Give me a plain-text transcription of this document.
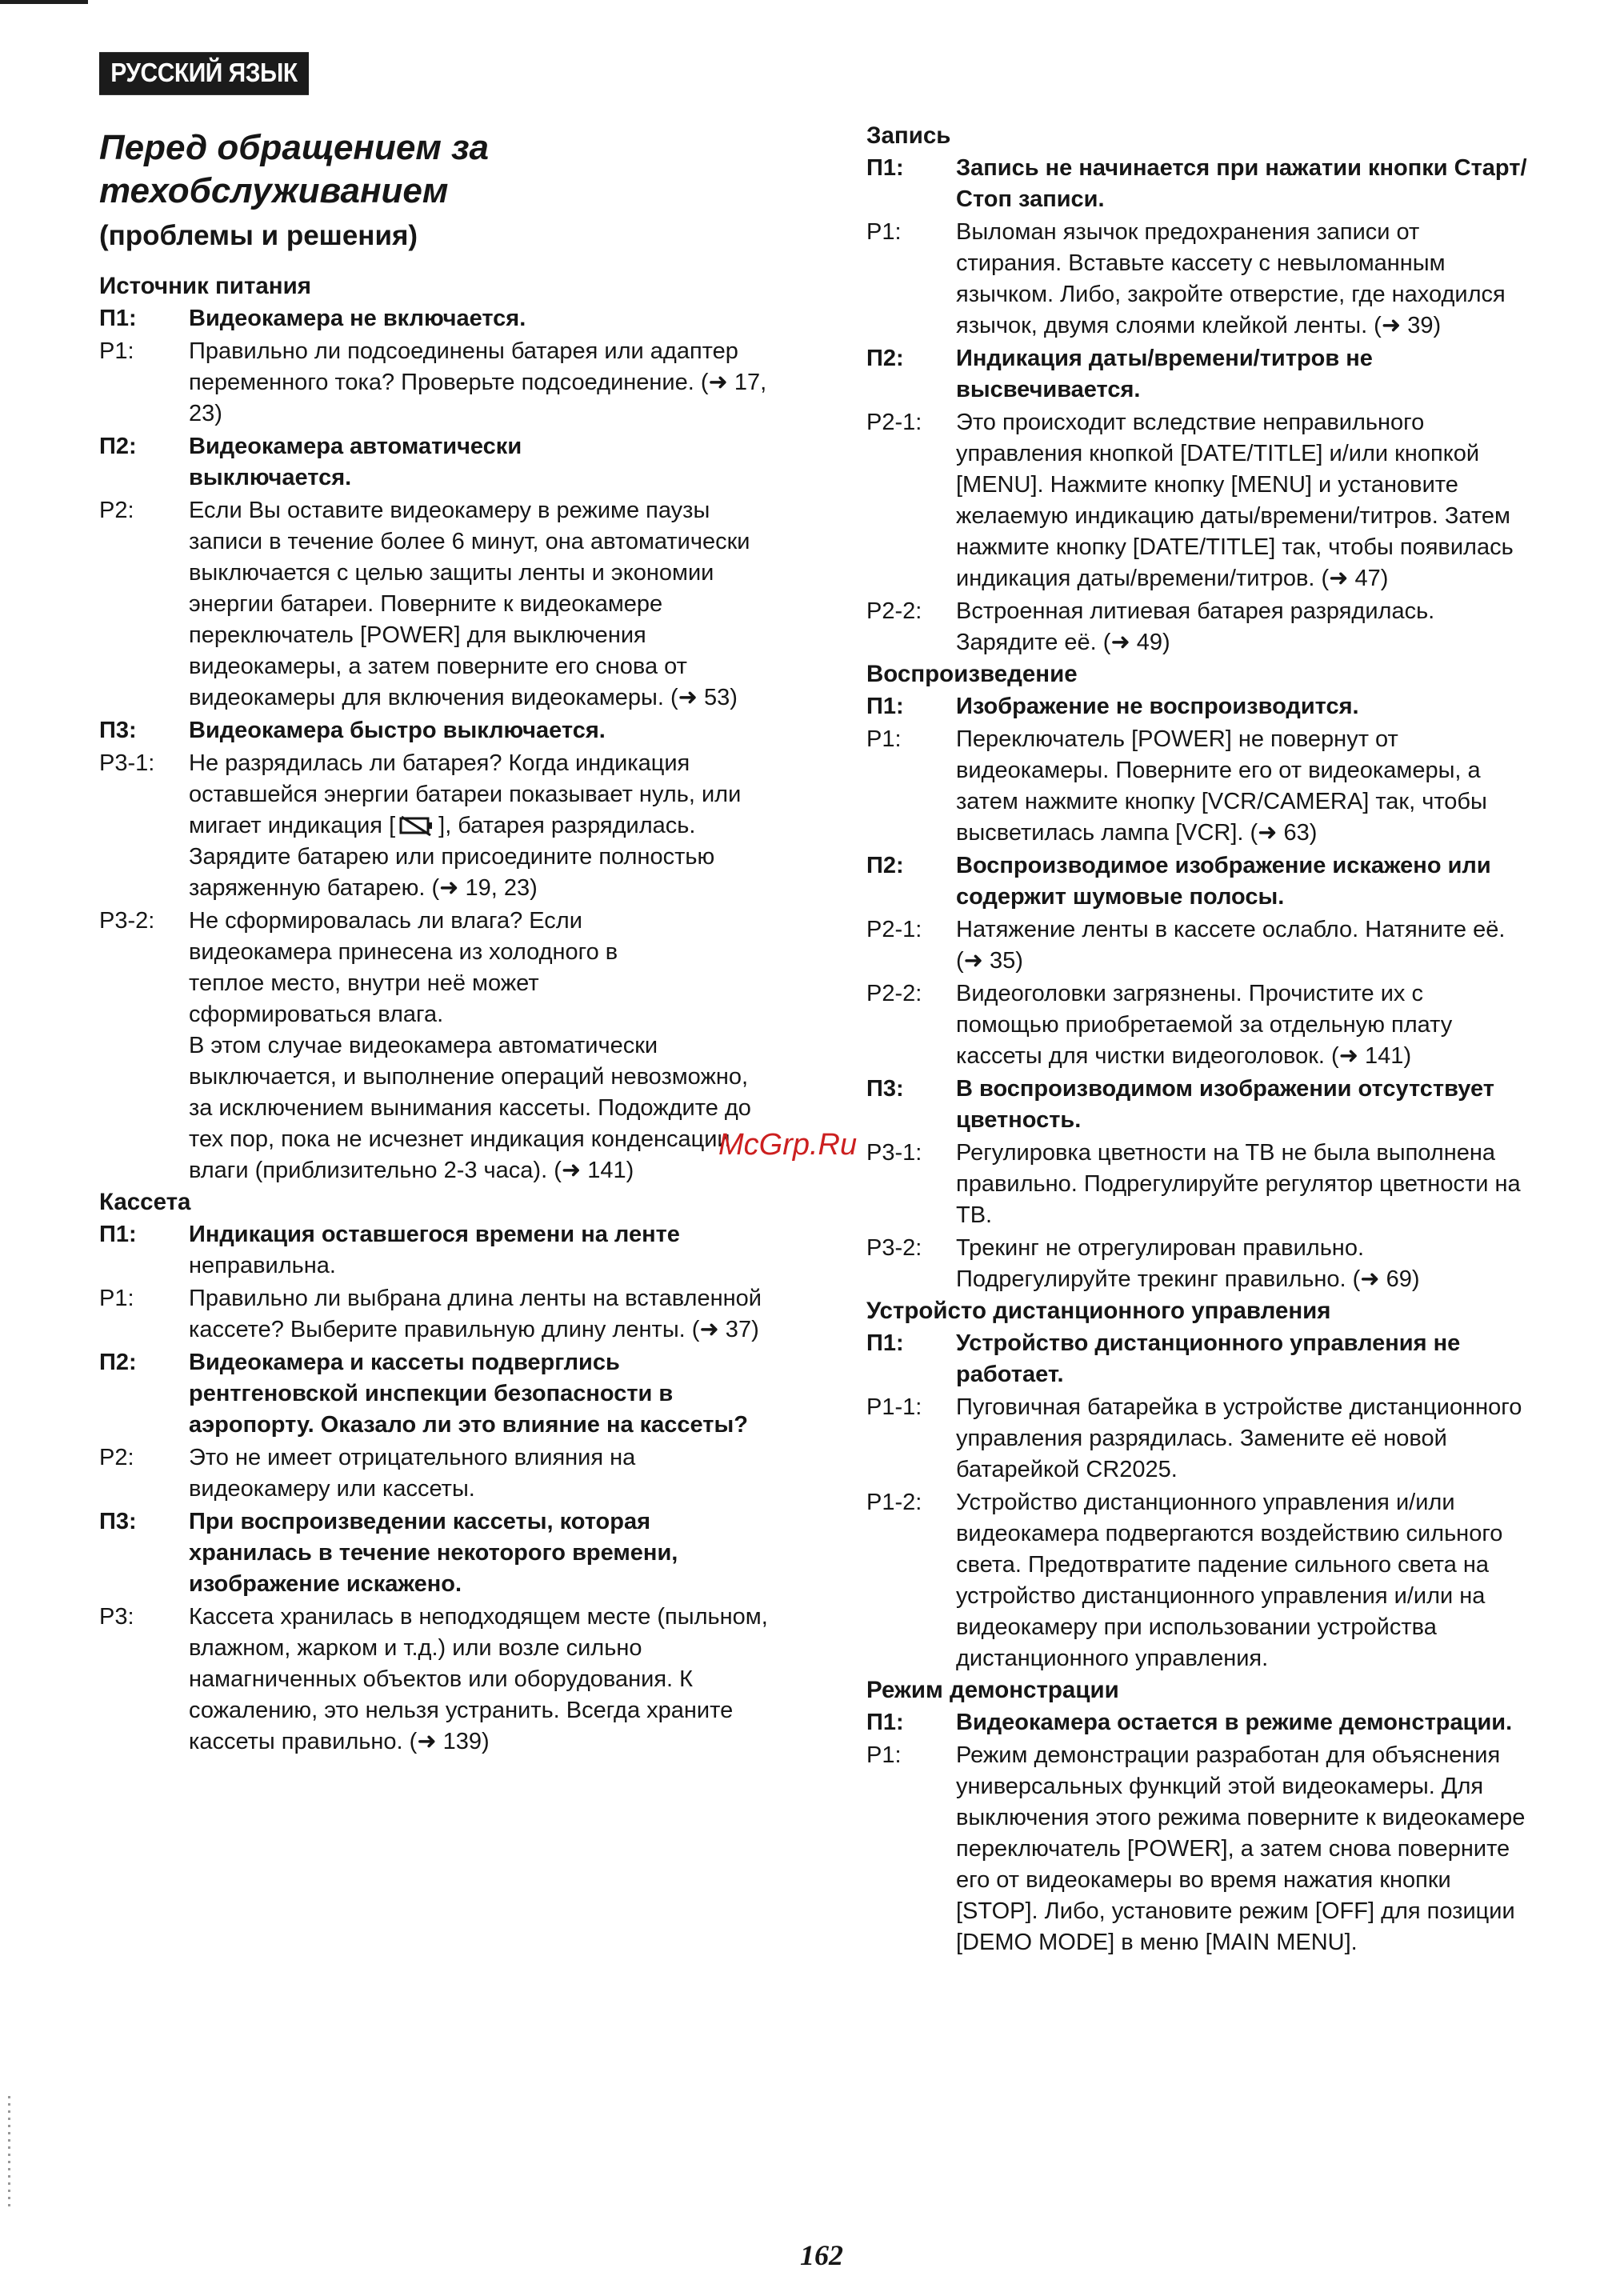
РУССКИЙ ЯЗЫК
Перед обращением за
техобслуживанием
(проблемы и решения)
Источник питания
П1:	Видеокамера не включается.
Р1:	Правильно ли подсоединены батарея или адаптер переменного тока? Проверьте подсоединение. (➜ 17, 23)
П2:	Видеокамера автоматически выключается.
Р2:	Если Вы оставите видеокамеру в режиме паузы записи в течение более 6 минут, она автоматически выключается с целью защиты ленты и экономии энергии батареи. Поверните к видеокамере переключатель [POWER] для выключения видеокамеры, а затем поверните его снова от видеокамеры для включения видеокамеры. (➜ 53)
П3:	Видеокамера быстро выключается.
Р3-1:	Не разрядилась ли батарея? Когда индикация оставшейся энергии батареи показывает нуль, или мигает индикация [ ], батарея разрядилась. Зарядите батарею или присоедините полностью заряженную батарею. (➜ 19, 23)
Р3-2:	Не сформировалась ли влага? Если видеокамера принесена из холодного в теплое место, внутри неё может сформироваться влага.
В этом случае видеокамера автоматически выключается, и выполнение операций невозможно, за исключением вынимания кассеты. Подождите до тех пор, пока не исчезнет индикация конденсации влаги (приблизительно 2-3 часа). (➜ 141)
Кассета
П1:	Индикация оставшегося времени на ленте
неправильна.
Р1:	Правильно ли выбрана длина ленты на вставленной кассете? Выберите правильную длину ленты. (➜ 37)
П2:	Видеокамера и кассеты подверглись рентгеновской инспекции безопасности в аэропорту. Оказало ли это влияние на кассеты?
Р2:	Это не имеет отрицательного влияния на видеокамеру или кассеты.
П3:	При воспроизведении кассеты, которая хранилась в течение некоторого времени, изображение искажено.
Р3:	Кассета хранилась в неподходящем месте (пыльном, влажном, жарком и т.д.) или возле сильно намагниченных объектов или оборудования. К сожалению, это нельзя устранить. Всегда храните кассеты правильно. (➜ 139)
Запись
П1:	Запись не начинается при нажатии кнопки Старт/Стоп записи.
Р1:	Выломан язычок предохранения записи от стирания. Вставьте кассету с невыломанным язычком. Либо, закройте отверстие, где находился язычок, двумя слоями клейкой ленты. (➜ 39)
П2:	Индикация даты/времени/титров не высвечивается.
Р2-1:	Это происходит вследствие неправильного управления кнопкой [DATE/TITLE] и/или кнопкой [MENU]. Нажмите кнопку [MENU] и установите желаемую индикацию даты/времени/титров. Затем нажмите кнопку [DATE/TITLE] так, чтобы появилась индикация даты/времени/титров. (➜ 47)
Р2-2:	Встроенная литиевая батарея разрядилась. Зарядите её. (➜ 49)
Воспроизведение
П1:	Изображение не воспроизводится.
Р1:	Переключатель [POWER] не повернут от видеокамеры. Поверните его от видеокамеры, а затем нажмите кнопку [VCR/CAMERA] так, чтобы высветилась лампа [VCR]. (➜ 63)
П2:	Воспроизводимое изображение искажено или содержит шумовые полосы.
Р2-1:	Натяжение ленты в кассете ослабло. Натяните её. (➜ 35)
Р2-2:	Видеоголовки загрязнены. Прочистите их с помощью приобретаемой за отдельную плату кассеты для чистки видеоголовок. (➜ 141)
П3:	В воспроизводимом изображении отсутствует цветность.
Р3-1:	Регулировка цветности на ТВ не была выполнена правильно. Подрегулируйте регулятор цветности на ТВ.
Р3-2:	Трекинг не отрегулирован правильно. Подрегулируйте трекинг правильно. (➜ 69)
Устройсто дистанционного управления
П1:	Устройство дистанционного управления не работает.
Р1-1:	Пуговичная батарейка в устройстве дистанционного управления разрядилась. Замените её новой батарейкой CR2025.
Р1-2:	Устройство дистанционного управления и/или видеокамера подвергаются воздействию сильного света. Предотвратите падение сильного света на устройство дистанционного управления и/или на видеокамеру при использовании устройства дистанционного управления.
Режим демонстрации
П1:	Видеокамера остается в режиме демонстрации.
Р1:	Режим демонстрации разработан для объяснения универсальных функций этой видеокамеры. Для выключения этого режима поверните к видеокамере переключатель [POWER], а затем снова поверните его от видеокамеры во время нажатия кнопки [STOP]. Либо, установите режим [OFF] для позиции [DEMO MODE] в меню [MAIN MENU].
McGrp.Ru
162
